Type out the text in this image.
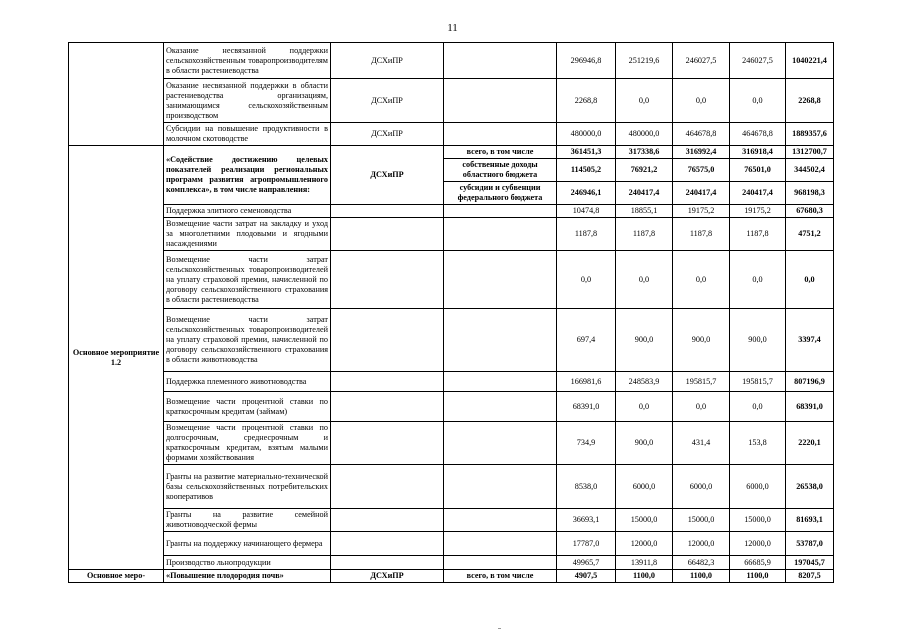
11
	Оказание несвязанной поддержки сельскохозяйственным товаропроизводителям в области растениеводства	ДСХиПР		296946,8	251219,6	246027,5	246027,5	1040221,4
	Оказание несвязанной поддержки в области растениеводства организациям, занимающимся сельскохозяйственным производством	ДСХиПР		2268,8	0,0	0,0	0,0	2268,8
	Субсидии на повышение продуктивности в молочном скотоводстве	ДСХиПР		480000,0	480000,0	464678,8	464678,8	1889357,6
Основное мероприятие 1.2	«Содействие достижению целевых показателей реализации региональных программ развития агропромышленного комплекса», в том числе направления:	ДСХиПР	всего, в том числе	361451,3	317338,6	316992,4	316918,4	1312700,7
			собственные доходы областного бюджета	114505,2	76921,2	76575,0	76501,0	344502,4
			субсидии и субвенции федерального бюджета	246946,1	240417,4	240417,4	240417,4	968198,3
	Поддержка элитного семеноводства			10474,8	18855,1	19175,2	19175,2	67680,3
	Возмещение части затрат на закладку и уход за многолетними плодовыми и ягодными насаждениями			1187,8	1187,8	1187,8	1187,8	4751,2
	Возмещение части затрат сельскохозяйственных товаропроизводителей на уплату страховой премии, начисленной по договору сельскохозяйственного страхования в области растениеводства			0,0	0,0	0,0	0,0	0,0
	Возмещение части затрат сельскохозяйственных товаропроизводителей на уплату страховой премии, начисленной по договору сельскохозяйственного страхования в области животноводства			697,4	900,0	900,0	900,0	3397,4
	Поддержка племенного животноводства			166981,6	248583,9	195815,7	195815,7	807196,9
	Возмещение части процентной ставки по краткосрочным кредитам (займам)			68391,0	0,0	0,0	0,0	68391,0
	Возмещение части процентной ставки по долгосрочным, среднесрочным и краткосрочным кредитам, взятым малыми формами хозяйствования			734,9	900,0	431,4	153,8	2220,1
	Гранты на развитие материально-технической базы сельскохозяйственных потребительских кооперативов			8538,0	6000,0	6000,0	6000,0	26538,0
	Гранты на развитие семейной животноводческой фермы			36693,1	15000,0	15000,0	15000,0	81693,1
	Гранты на поддержку начинающего фермера			17787,0	12000,0	12000,0	12000,0	53787,0
	Производство льнопродукции			49965,7	13911,8	66482,3	66685,9	197045,7
Основное меро-	«Повышение плодородия почв»	ДСХиПР	всего, в том числе	4907,5	1100,0	1100,0	1100,0	8207,5
